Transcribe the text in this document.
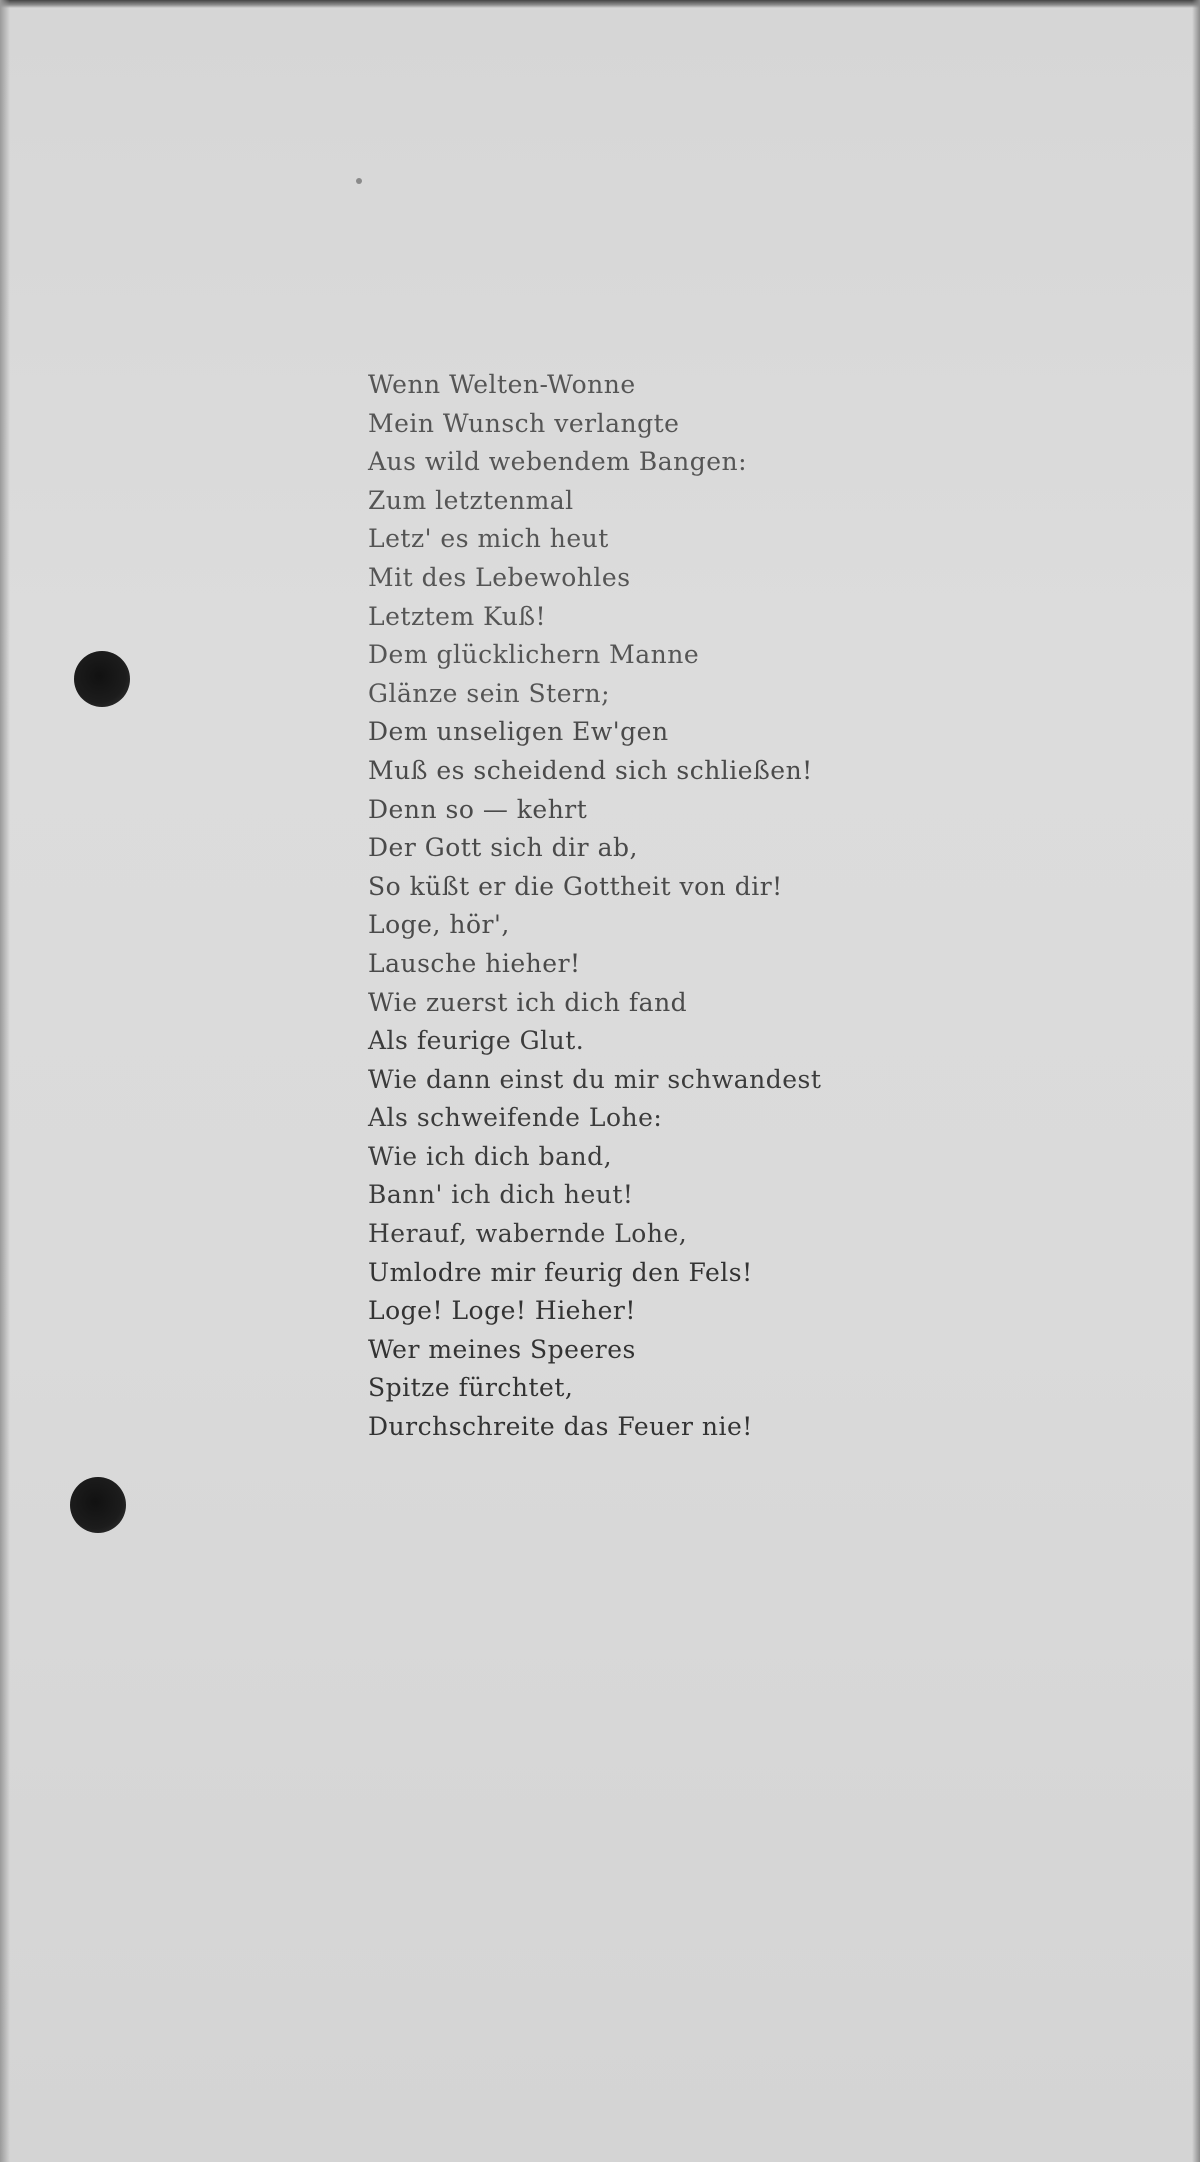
Wenn Welten-Wonne
Mein Wunsch verlangte
Aus wild webendem Bangen:
Zum letztenmal
Letz' es mich heut
Mit des Lebewohles
Letztem Kuß!
Dem glücklichern Manne
Glänze sein Stern;
Dem unseligen Ew'gen
Muß es scheidend sich schließen!
Denn so — kehrt
Der Gott sich dir ab,
So küßt er die Gottheit von dir!
Loge, hör',
Lausche hieher!
Wie zuerst ich dich fand
Als feurige Glut.
Wie dann einst du mir schwandest
Als schweifende Lohe:
Wie ich dich band,
Bann' ich dich heut!
Herauf, wabernde Lohe,
Umlodre mir feurig den Fels!
Loge! Loge! Hieher!
Wer meines Speeres
Spitze fürchtet,
Durchschreite das Feuer nie!
